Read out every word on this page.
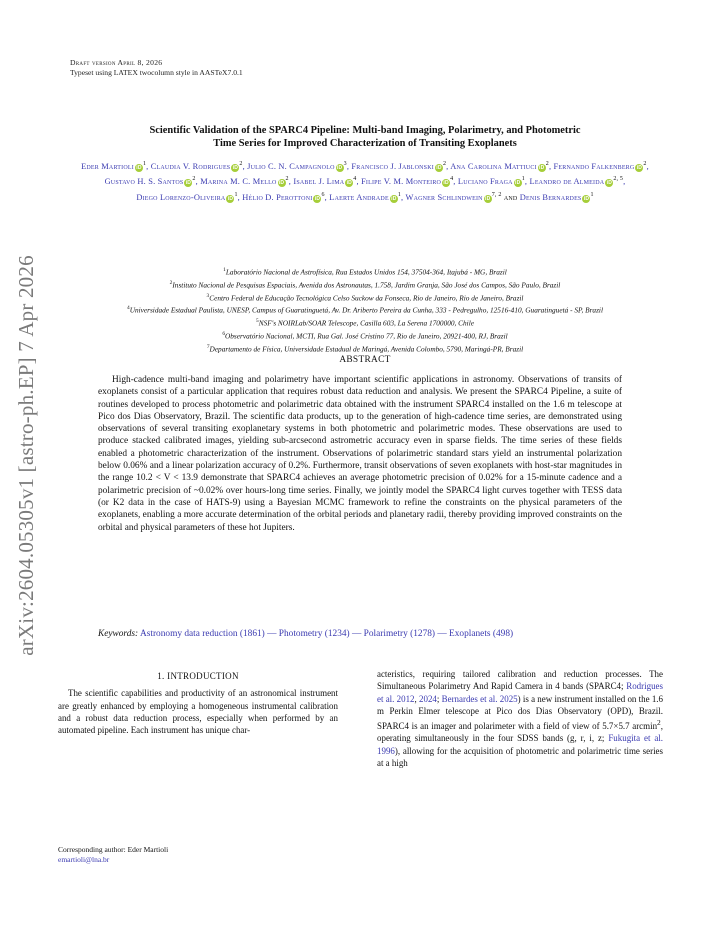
arXiv:2604.05305v1 [astro-ph.EP] 7 Apr 2026
Draft version April 8, 2026
Typeset using LATEX twocolumn style in AASTeX7.0.1
Scientific Validation of the SPARC4 Pipeline: Multi-band Imaging, Polarimetry, and Photometric
Time Series for Improved Characterization of Transiting Exoplanets
Eder Martioli $iD^1$, Claudia V. Rodrigues $iD^2$, Julio C. N. Campagnolo $iD^3$, Francisco J. Jablonski $iD^2$, Ana Carolina Mattiuci $iD^2$, Fernando Falkenberg $iD^2$, Gustavo H. S. Santos $iD^2$, Marina M. C. Mello $iD^2$, Isabel J. Lima $iD^4$, Filipe V. M. Monteiro $iD^4$, Luciano Fraga $iD^1$, Leandro de Almeida iD$^{2, 5}$, Diego Lorenzo-Oliveira $iD^1$, Hélio D. Perottoni $iD^6$, Laerte Andrade $iD^1$, Wagner Schlindwein iD$^{7, 2}$ and Denis Bernardes $iD^1$
$^1$Laboratório Nacional de Astrofísica, Rua Estados Unidos 154, 37504-364, Itajubá - MG, Brazil
$^2$Instituto Nacional de Pesquisas Espaciais, Avenida dos Astronautas, 1.758, Jardim Granja, São José dos Campos, São Paulo, Brazil
$^3$Centro Federal de Educação Tecnológica Celso Suckow da Fonseca, Rio de Janeiro, Rio de Janeiro, Brazil
$^4$Universidade Estadual Paulista, UNESP, Campus of Guaratinguetá, Av. Dr. Ariberto Pereira da Cunha, 333 - Pedregulho, 12516-410, Guaratinguetá - SP, Brazil
$^5$NSF's NOIRLab/SOAR Telescope, Casilla 603, La Serena 1700000, Chile
$^6$Observatório Nacional, MCTI, Rua Gal. José Cristino 77, Rio de Janeiro, 20921-400, RJ, Brazil
$^7$Departamento de Física, Universidade Estadual de Maringá, Avenida Colombo, 5790, Maringá-PR, Brazil
ABSTRACT

High-cadence multi-band imaging and polarimetry have important scientific applications in astronomy. Observations of transits of exoplanets consist of a particular application that requires robust data reduction and analysis. We present the SPARC4 Pipeline, a suite of routines developed to process photometric and polarimetric data obtained with the instrument SPARC4 installed on the 1.6 m telescope at Pico dos Dias Observatory, Brazil. The scientific data products, up to the generation of high-cadence time series, are demonstrated using observations of several transiting exoplanetary systems in both photometric and polarimetric modes. These observations are used to produce stacked calibrated images, yielding sub-arcsecond astrometric accuracy even in sparse fields. The time series of these fields enabled a photometric characterization of the instrument. Observations of polarimetric standard stars yield an instrumental polarization below 0.06% and a linear polarization accuracy of 0.2%. Furthermore, transit observations of seven exoplanets with host-star magnitudes in the range 10.2 < V < 13.9 demonstrate that SPARC4 achieves an average photometric precision of 0.02% for a 15-minute cadence and a polarimetric precision of ~0.02% over hours-long time series. Finally, we jointly model the SPARC4 light curves together with TESS data (or K2 data in the case of HATS-9) using a Bayesian MCMC framework to refine the constraints on the physical parameters of the exoplanets, enabling a more accurate determination of the orbital periods and planetary radii, thereby providing improved constraints on the orbital and physical parameters of these hot Jupiters.

Keywords: Astronomy data reduction (1861) — Photometry (1234) — Polarimetry (1278) — Exoplanets (498)
1. INTRODUCTION

The scientific capabilities and productivity of an astronomical instrument are greatly enhanced by employing a homogeneous instrumental calibration and a robust data reduction process, especially when performed by an automated pipeline. Each instrument has unique char-

acteristics, requiring tailored calibration and reduction processes. The Simultaneous Polarimetry And Rapid Camera in 4 bands (SPARC4; Rodrigues et al. 2012, 2024; Bernardes et al. 2025) is a new instrument installed on the 1.6 m Perkin Elmer telescope at Pico dos Dias Observatory (OPD), Brazil. SPARC4 is an imager and polarimeter with a field of view of 5.7×5.7 arcmin$^2$, operating simultaneously in the four SDSS bands (g, r, i, z; Fukugita et al. 1996), allowing for the acquisition of photometric and polarimetric time series at a high

Corresponding author: Eder Martioli
emartioli@lna.br
